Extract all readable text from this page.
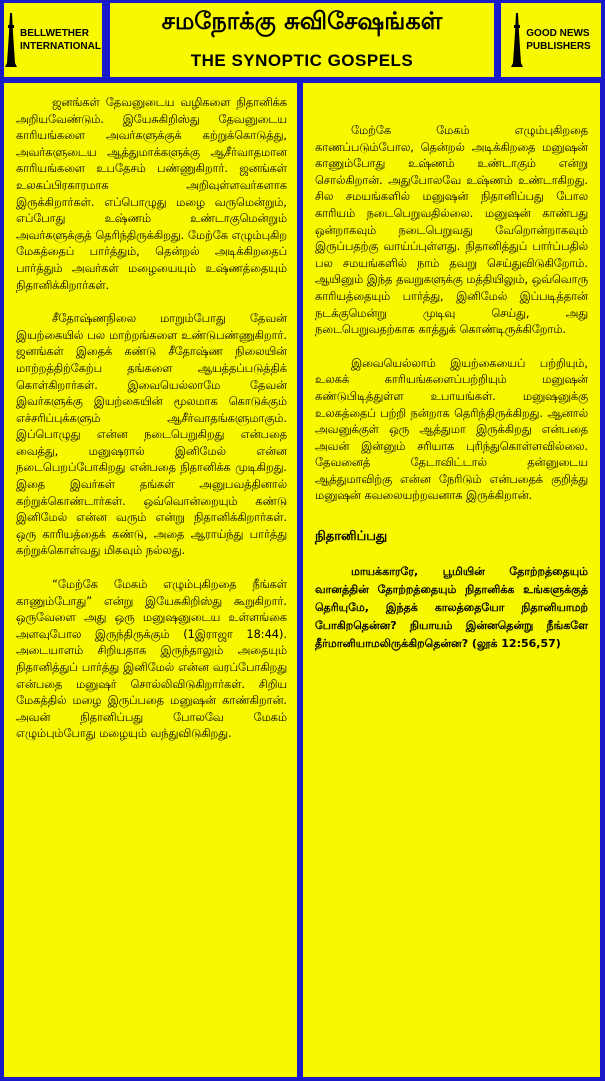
BELLWETHER
INTERNATIONAL
சமநோக்கு சுவிசேஷங்கள்
THE SYNOPTIC GOSPELS
GOOD NEWS
PUBLISHERS

ஜனங்கள் தேவனுடைய வழிகளை நிதானிக்க அறியவேண்டும். இயேசுகிறிஸ்து தேவனுடைய காரியங்களை அவர்களுக்குக் கற்றுக்கொடுத்து, அவர்களுடைய ஆத்துமாக்களுக்கு ஆசீர்வாதமான காரியங்களை உபதேசம் பண்ணுகிறார். ஜனங்கள் உலகப்பிரகாரமாக அறிவுள்ளவர்களாக இருக்கிறார்கள். எப்பொழுது மழை வருமென்றும், எப்போது உஷ்ணம் உண்டாகுமென்றும் அவர்களுக்குத் தெரிந்திருக்கிறது. மேற்கே எழும்புகிற மேகத்தைப் பார்த்தும், தென்றல் அடிக்கிறதைப் பார்த்தும் அவர்கள் மழையையும் உஷ்ணத்தையும் நிதானிக்கிறார்கள்.

சீதோஷ்ணநிலை மாறும்போது தேவன் இயற்கையில் பல மாற்றங்களை உண்டுபண்ணுகிறார். ஜனங்கள் இதைக் கண்டு சீதோஷ்ண நிலையின் மாற்றத்திற்கேற்ப தங்களை ஆயத்தப்படுத்திக் கொள்கிறார்கள். இவையெல்லாமே தேவன் இவர்களுக்கு இயற்கையின் மூலமாக கொடுக்கும் எச்சரிப்புக்களும் ஆசீர்வாதங்களுமாகும். இப்பொழுது என்ன நடைபெறுகிறது என்பதை வைத்து, மனுஷரால் இனிமேல் என்ன நடைபெறப்போகிறது என்பதை நிதானிக்க முடிகிறது. இதை இவர்கள் தங்கள் அனுபவத்தினால் கற்றுக்கொண்டார்கள். ஒவ்வொன்றையும் கண்டு இனிமேல் என்ன வரும் என்று நிதானிக்கிறார்கள். ஒரு காரியத்தைக் கண்டு, அதை ஆராய்ந்து பார்த்து கற்றுக்கொள்வது மிகவும் நல்லது.

“மேற்கே மேகம் எழும்புகிறதை நீங்கள் காணும்போது” என்று இயேசுகிறிஸ்து கூறுகிறார். ஒருவேளை அது ஒரு மனுஷனுடைய உள்ளங்கை அளவுபோல இருந்திருக்கும் (1இராஜா 18:44). அடையாளம் சிறியதாக இருந்தாலும் அதையும் நிதானித்துப் பார்த்து இனிமேல் என்ன வரப்போகிறது என்பதை மனுஷர் சொல்லிவிடுகிறார்கள். சிறிய மேகத்தில் மழை இருப்பதை மனுஷன் காண்கிறான். அவன் நிதானிப்பது போலவே மேகம் எழும்பும்போது மழையும் வந்துவிடுகிறது.

மேற்கே மேகம் எழும்புகிறதை காணப்படும்போல, தென்றல் அடிக்கிறதை மனுஷன் காணும்போது உஷ்ணம் உண்டாகும் என்று சொல்கிறான். அதுபோலவே உஷ்ணம் உண்டாகிறது. சில சமயங்களில் மனுஷன் நிதானிப்பது போல காரியம் நடைபெறுவதில்லை. மனுஷன் காண்பது ஒன்றாகவும் நடைபெறுவது வேறொன்றாகவும் இருப்பதற்கு வாய்ப்புள்ளது. நிதானித்துப் பார்ப்பதில் பல சமயங்களில் நாம் தவறு செய்துவிடுகிறோம். ஆயினும் இந்த தவறுகளுக்கு மத்தியிலும், ஒவ்வொரு காரியத்தையும் பார்த்து, இனிமேல் இப்படித்தான் நடக்குமென்று முடிவு செய்து, அது நடைபெறுவதற்காக காத்துக் கொண்டிருக்கிறோம்.

இவையெல்லாம் இயற்கையைப் பற்றியும், உலகக் காரியங்களைப்பற்றியும் மனுஷன் கண்டுபிடித்துள்ள உபாயங்கள். மனுஷனுக்கு உலகத்தைப் பற்றி நன்றாக தெரிந்திருக்கிறது. ஆனால் அவனுக்குள் ஒரு ஆத்துமா இருக்கிறது என்பதை அவன் இன்னும் சரியாக புரிந்துகொள்ளவில்லை. தேவனைத் தேடாவிட்டால் தன்னுடைய ஆத்துமாவிற்கு என்ன நேரிடும் என்பதைக் குறித்து மனுஷன் கவலையற்றவனாக இருக்கிறான்.

நிதானிப்பது

மாயக்காரரே, பூமியின் தோற்றத்தையும் வானத்தின் தோற்றத்தையும் நிதானிக்க உங்களுக்குத் தெரியுமே, இந்தக் காலத்தையோ நிதானியாமற் போகிறதென்ன? நியாயம் இன்னதென்று நீங்களே தீர்மானியாமலிருக்கிறதென்ன? (லூக் 12:56,57)
